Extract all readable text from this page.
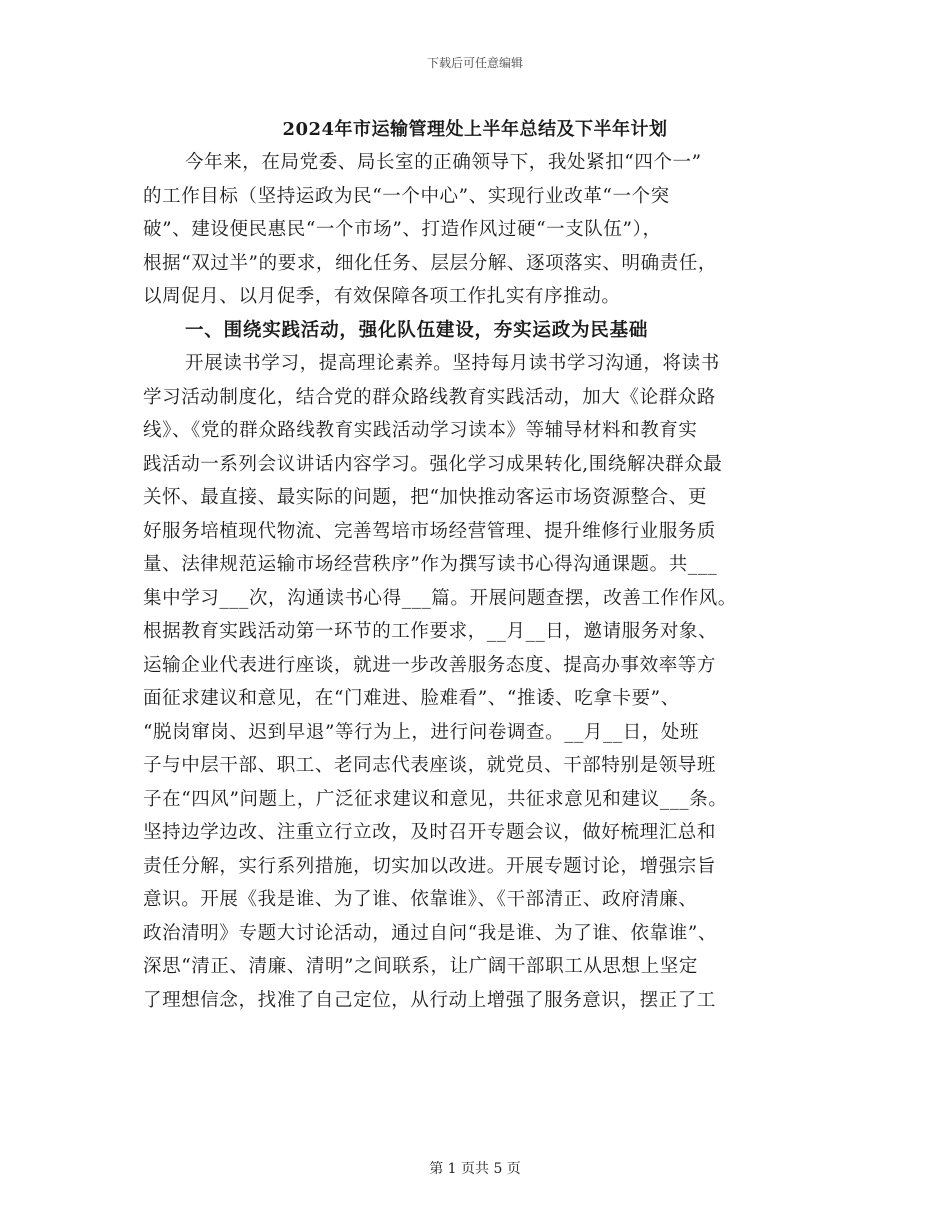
下载后可任意编辑
2024年市运输管理处上半年总结及下半年计划
今年来，在局党委、局长室的正确领导下，我处紧扣“四个一”
的工作目标（坚持运政为民“一个中心”、实现行业改革“一个突
破”、建设便民惠民“一个市场”、打造作风过硬“一支队伍”），
根据“双过半”的要求，细化任务、层层分解、逐项落实、明确责任，
以周促月、以月促季，有效保障各项工作扎实有序推动。
一、围绕实践活动，强化队伍建设，夯实运政为民基础
开展读书学习，提高理论素养。坚持每月读书学习沟通，将读书
学习活动制度化，结合党的群众路线教育实践活动，加大《论群众路
线》、《党的群众路线教育实践活动学习读本》等辅导材料和教育实
践活动一系列会议讲话内容学习。强化学习成果转化,围绕解决群众最
关怀、最直接、最实际的问题，把“加快推动客运市场资源整合、更
好服务培植现代物流、完善驾培市场经营管理、提升维修行业服务质
量、法律规范运输市场经营秩序”作为撰写读书心得沟通课题。共___
集中学习___次，沟通读书心得___篇。开展问题查摆，改善工作作风。
根据教育实践活动第一环节的工作要求，__月__日，邀请服务对象、
运输企业代表进行座谈，就进一步改善服务态度、提高办事效率等方
面征求建议和意见，在“门难进、脸难看”、“推诿、吃拿卡要”、
“脱岗窜岗、迟到早退”等行为上，进行问卷调查。__月__日，处班
子与中层干部、职工、老同志代表座谈，就党员、干部特别是领导班
子在“四风”问题上，广泛征求建议和意见，共征求意见和建议___条。
坚持边学边改、注重立行立改，及时召开专题会议，做好梳理汇总和
责任分解，实行系列措施，切实加以改进。开展专题讨论，增强宗旨
意识。开展《我是谁、为了谁、依靠谁》、《干部清正、政府清廉、
政治清明》专题大讨论活动，通过自问“我是谁、为了谁、依靠谁”、
深思“清正、清廉、清明”之间联系，让广阔干部职工从思想上坚定
了理想信念，找准了自己定位，从行动上增强了服务意识，摆正了工
第 1 页共 5 页
